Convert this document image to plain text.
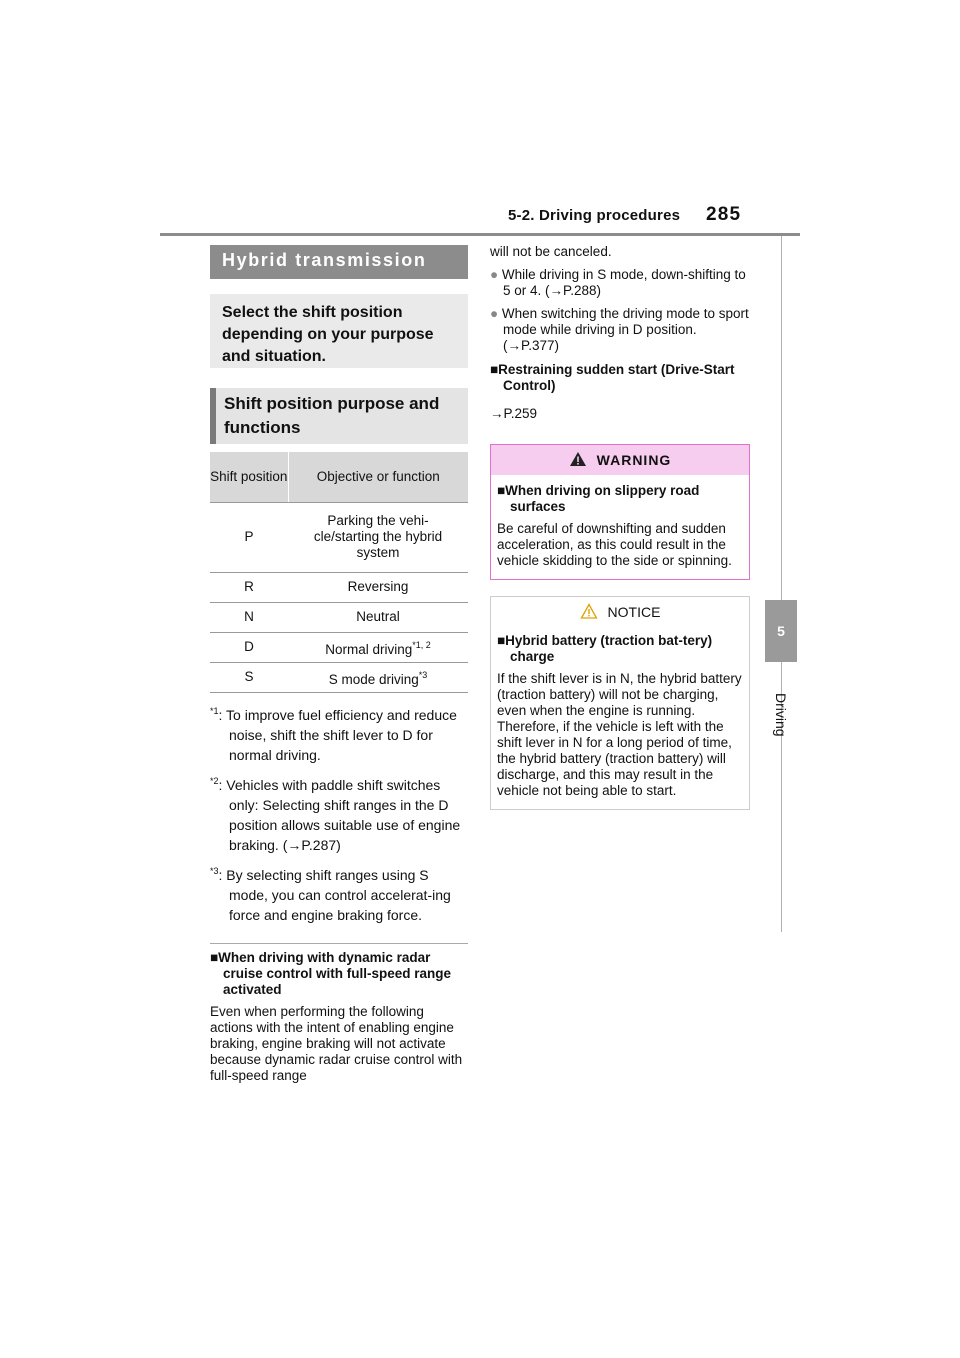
5-2. Driving procedures 285
5
Driving
Hybrid transmission
Select the shift position depending on your purpose and situation.
Shift position purpose and functions
Shift position	Objective or function
P	Parking the vehi-cle/starting the hybrid system
R	Reversing
N	Neutral
D	Normal driving$^{*1, 2}$
S	S mode driving$^{*3}$
$^{*1}$: To improve fuel efficiency and reduce noise, shift the shift lever to D for normal driving.
$^{*2}$: Vehicles with paddle shift switches only: Selecting shift ranges in the D position allows suitable use of engine braking. (→P.287)
$^{*3}$: By selecting shift ranges using S mode, you can control accelerat-ing force and engine braking force.
■When driving with dynamic radar cruise control with full-speed range activated
Even when performing the following actions with the intent of enabling engine braking, engine braking will not activate because dynamic radar cruise control with full-speed range
will not be canceled.
● While driving in S mode, down-shifting to 5 or 4. (→P.288)
● When switching the driving mode to sport mode while driving in D position. (→P.377)
■Restraining sudden start (Drive-Start Control)
→P.259
WARNING
■When driving on slippery road surfaces
Be careful of downshifting and sudden acceleration, as this could result in the vehicle skidding to the side or spinning.
NOTICE
■Hybrid battery (traction bat-tery) charge
If the shift lever is in N, the hybrid battery (traction battery) will not be charging, even when the engine is running. Therefore, if the vehicle is left with the shift lever in N for a long period of time, the hybrid battery (traction battery) will discharge, and this may result in the vehicle not being able to start.
